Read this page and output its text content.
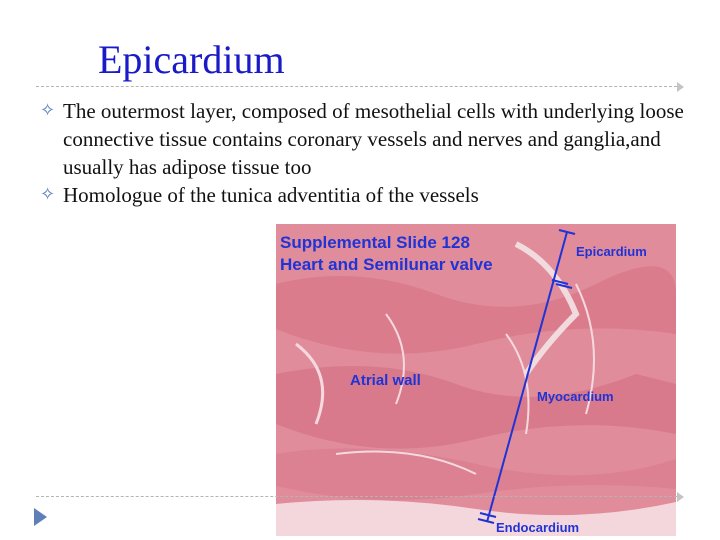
Epicardium
✧ The outermost layer, composed of mesothelial cells with underlying loose connective tissue contains coronary vessels and nerves and ganglia,and usually has adipose tissue too
✧ Homologue of the tunica adventitia of the vessels
Supplemental Slide 128
Heart and Semilunar valve
Epicardium
Atrial wall
Myocardium
Endocardium
